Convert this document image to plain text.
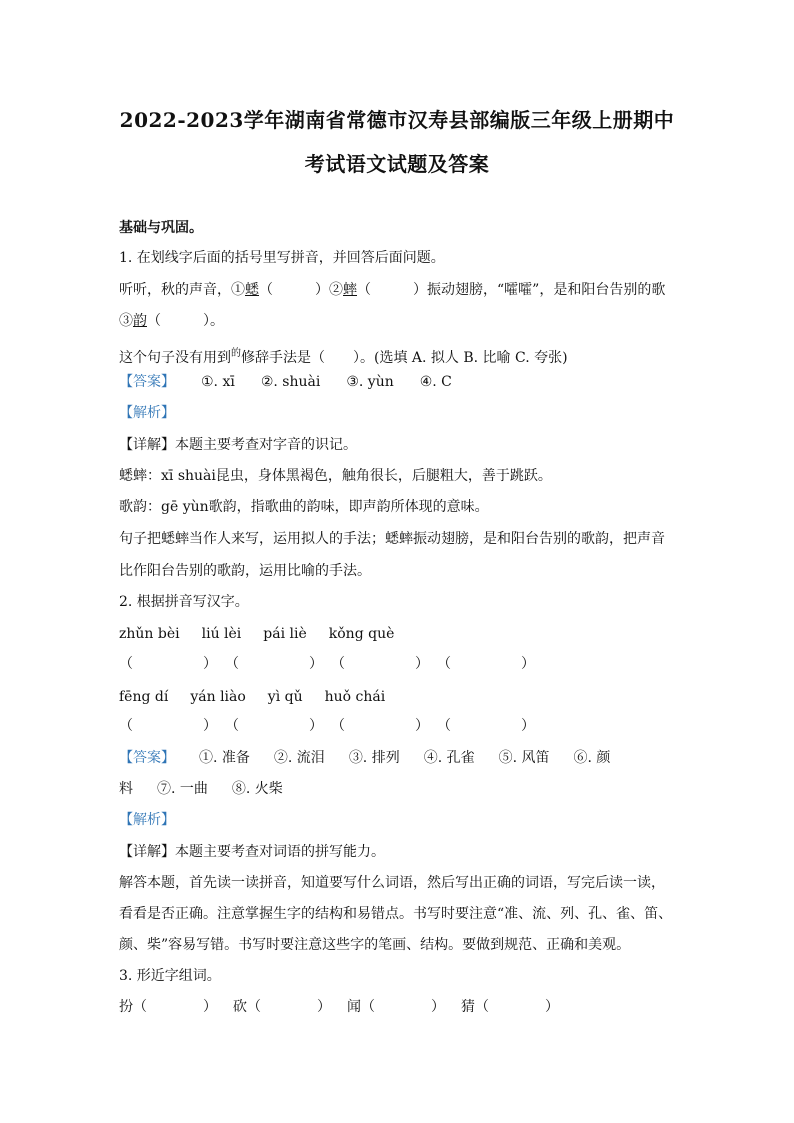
2022-2023学年湖南省常德市汉寿县部编版三年级上册期中
考试语文试题及答案
基础与巩固。
1. 在划线字后面的括号里写拼音，并回答后面问题。
听听，秋的声音，①蟋（　　　）②蟀（　　　）振动翅膀，“嚯嚯”，是和阳台告别的歌
③韵（　　　）。
这个句子没有用到$^的$修辞手法是（　　）。(选填 A. 拟人 B. 比喻 C. 夸张)
【答案】 ①. xī ②. shuài ③. yùn ④. C
【解析】
【详解】本题主要考查对字音的识记。
蟋蟀：xī shuài昆虫，身体黑褐色，触角很长，后腿粗大，善于跳跃。
歌韵：gē yùn歌韵，指歌曲的韵味，即声韵所体现的意味。
句子把蟋蟀当作人来写，运用拟人的手法；蟋蟀振动翅膀，是和阳台告别的歌韵，把声音
比作阳台告别的歌韵，运用比喻的手法。
2. 根据拼音写汉字。
zhǔn bèi liú lèi pái liè kǒng què
（　　　　　） （　　　　　） （　　　　　） （　　　　　）
fēng dí yán liào yì qǔ huǒ chái
（　　　　　） （　　　　　） （　　　　　） （　　　　　）
【答案】 ①. 准备 ②. 流泪 ③. 排列 ④. 孔雀 ⑤. 风笛 ⑥. 颜
料 ⑦. 一曲 ⑧. 火柴
【解析】
【详解】本题主要考查对词语的拼写能力。
解答本题，首先读一读拼音，知道要写什么词语，然后写出正确的词语，写完后读一读，
看看是否正确。注意掌握生字的结构和易错点。书写时要注意“准、流、列、孔、雀、笛、
颜、柴”容易写错。书写时要注意这些字的笔画、结构。要做到规范、正确和美观。
3. 形近字组词。
扮（　　　　） 砍（　　　　） 闻（　　　　） 猜（　　　　）
